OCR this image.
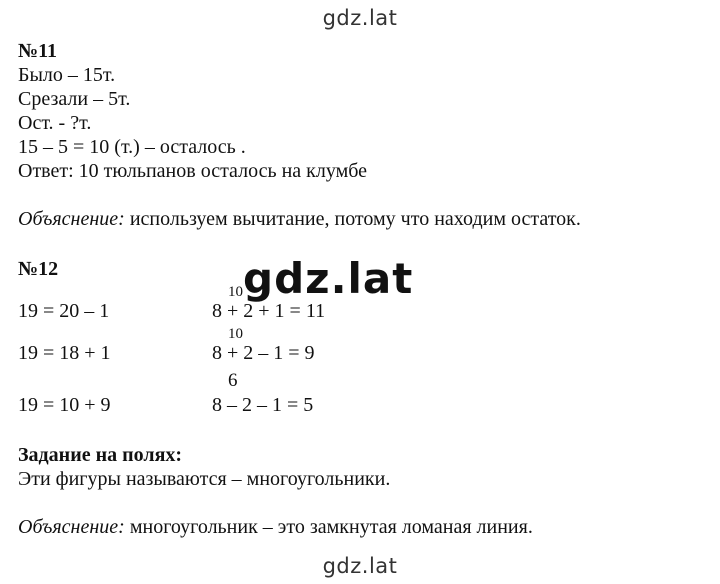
gdz.lat
№11
Было – 15т.
Срезали – 5т.
Ост. - ?т.
15 – 5 = 10 (т.) – осталось .
Ответ: 10 тюльпанов осталось на клумбе
Объяснение: используем вычитание, потому что находим остаток.
№12
10
19 = 20 – 1	8 + 2 + 1 = 11
10
19 = 18 + 1	8 + 2 – 1 = 9
6
19 = 10 + 9	8 – 2 – 1 = 5
gdz.lat
Задание на полях:
Эти фигуры называются – многоугольники.
Объяснение: многоугольник – это замкнутая ломаная линия.
gdz.lat
